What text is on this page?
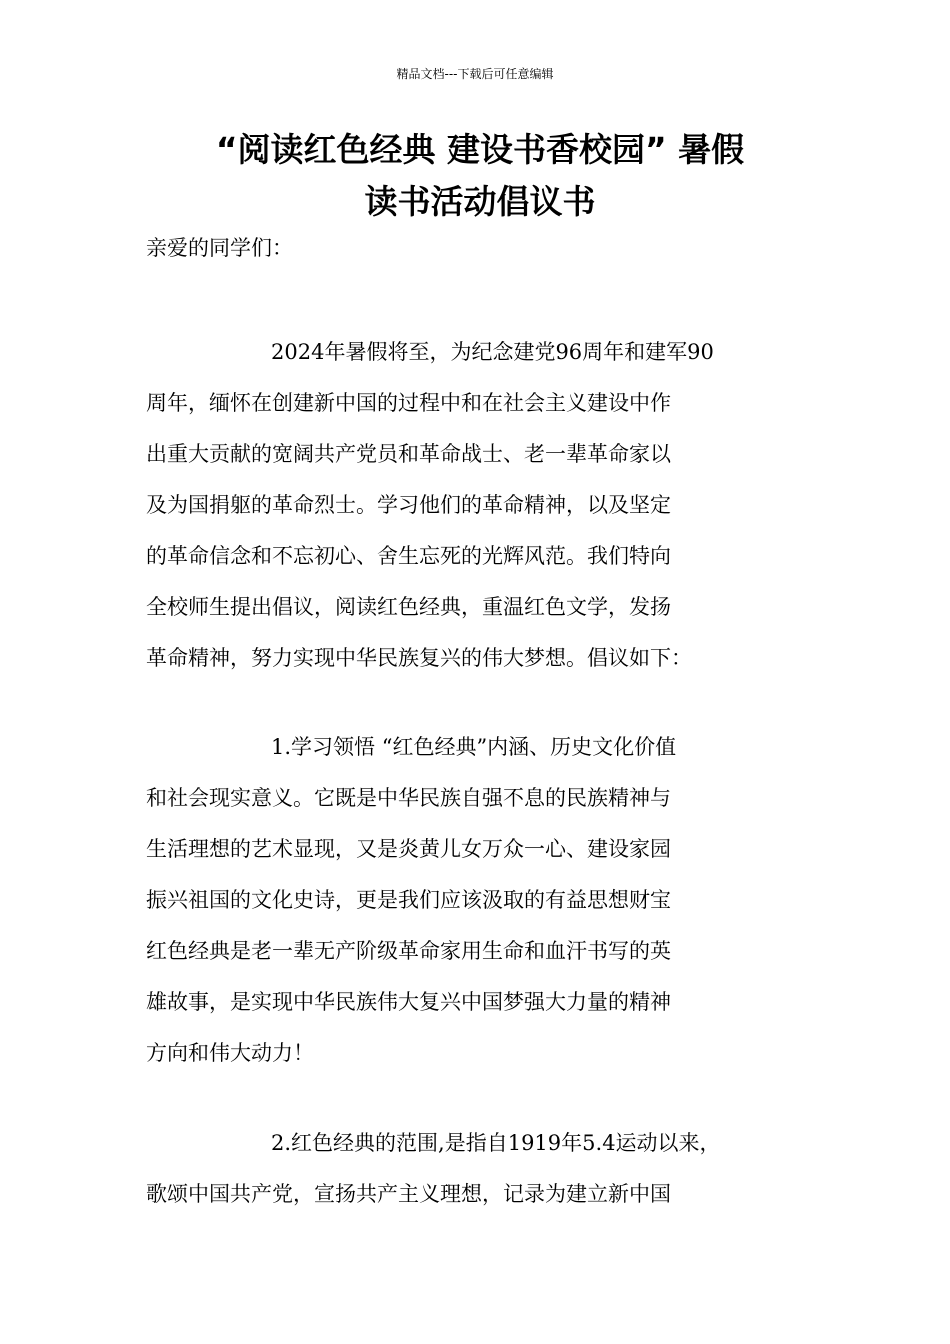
精品文档---下载后可任意编辑
“阅读红色经典 建设书香校园” 暑假
读书活动倡议书
亲爱的同学们：
2024年暑假将至，为纪念建党96周年和建军90
周年，缅怀在创建新中国的过程中和在社会主义建设中作
出重大贡献的宽阔共产党员和革命战士、老一辈革命家以
及为国捐躯的革命烈士。学习他们的革命精神，以及坚定
的革命信念和不忘初心、舍生忘死的光辉风范。我们特向
全校师生提出倡议，阅读红色经典，重温红色文学，发扬
革命精神，努力实现中华民族复兴的伟大梦想。倡议如下：
1.学习领悟 “红色经典”内涵、历史文化价值
和社会现实意义。它既是中华民族自强不息的民族精神与
生活理想的艺术显现，又是炎黄儿女万众一心、建设家园
振兴祖国的文化史诗，更是我们应该汲取的有益思想财宝
红色经典是老一辈无产阶级革命家用生命和血汗书写的英
雄故事，是实现中华民族伟大复兴中国梦强大力量的精神
方向和伟大动力！
2.红色经典的范围,是指自1919年5.4运动以来，
歌颂中国共产党，宣扬共产主义理想，记录为建立新中国
